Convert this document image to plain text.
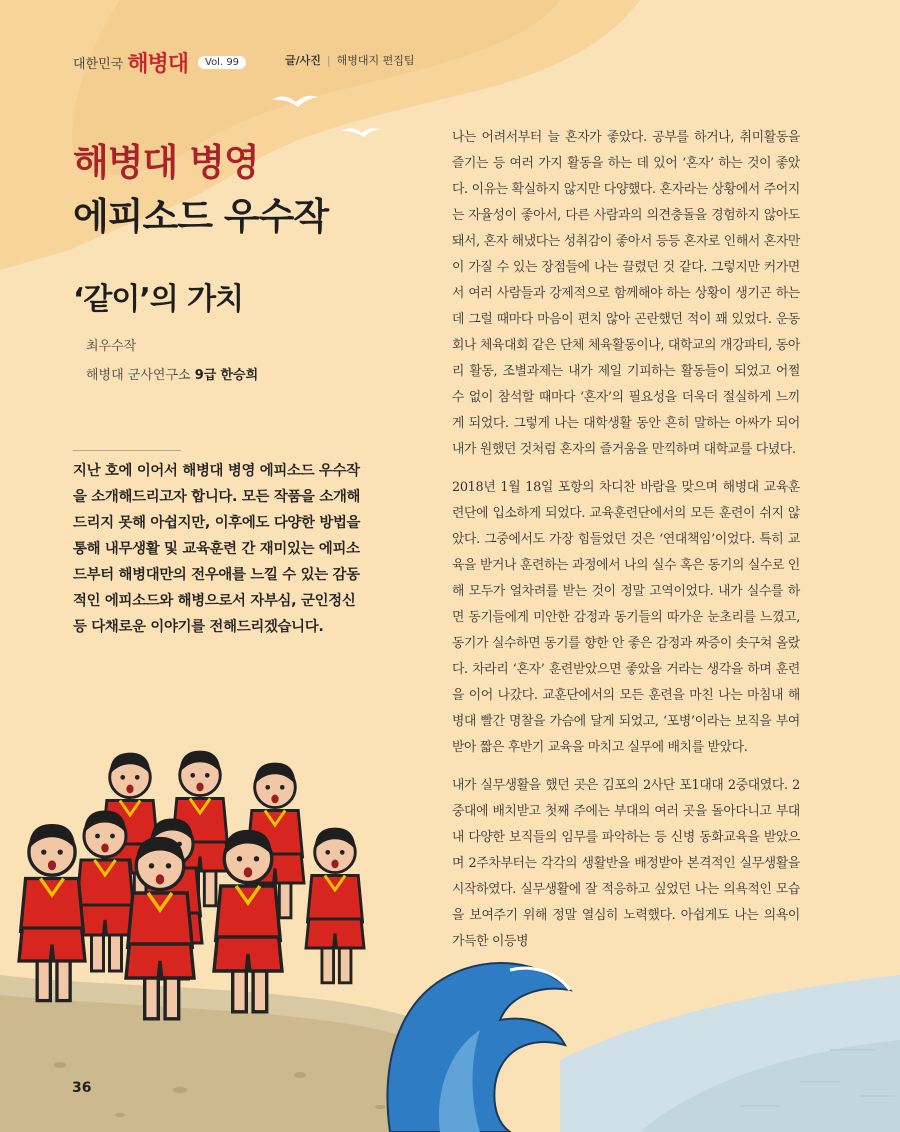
대한민국 해병대	Vol. 99	글/사진 | 해병대지 편집팀
해병대 병영
에피소드 우수작
‘같이’의 가치
최우수작
해병대 군사연구소 9급 한승희
지난 호에 이어서 해병대 병영 에피소드 우수작을 소개해드리고자 합니다. 모든 작품을 소개해드리지 못해 아쉽지만, 이후에도 다양한 방법을 통해 내무생활 및 교육훈련 간 재미있는 에피소드부터 해병대만의 전우애를 느낄 수 있는 감동적인 에피소드와 해병으로서 자부심, 군인정신 등 다채로운 이야기를 전해드리겠습니다.

나는 어려서부터 늘 혼자가 좋았다. 공부를 하거나, 취미활동을 즐기는 등 여러 가지 활동을 하는 데 있어 ‘혼자’ 하는 것이 좋았다. 이유는 확실하지 않지만 다양했다. 혼자라는 상황에서 주어지는 자율성이 좋아서, 다른 사람과의 의견충돌을 경험하지 않아도 돼서, 혼자 해냈다는 성취감이 좋아서 등등 혼자로 인해서 혼자만이 가질 수 있는 장점들에 나는 끌렸던 것 같다. 그렇지만 커가면서 여러 사람들과 강제적으로 함께해야 하는 상황이 생기곤 하는데 그럴 때마다 마음이 편치 않아 곤란했던 적이 꽤 있었다. 운동회나 체육대회 같은 단체 체육활동이나, 대학교의 개강파티, 동아리 활동, 조별과제는 내가 제일 기피하는 활동들이 되었고 어쩔 수 없이 참석할 때마다 ‘혼자’의 필요성을 더욱더 절실하게 느끼게 되었다. 그렇게 나는 대학생활 동안 흔히 말하는 아싸가 되어 내가 원했던 것처럼 혼자의 즐거움을 만끽하며 대학교를 다녔다.

2018년 1월 18일 포항의 차디찬 바람을 맞으며 해병대 교육훈련단에 입소하게 되었다. 교육훈련단에서의 모든 훈련이 쉬지 않았다. 그중에서도 가장 힘들었던 것은 ‘연대책임’이었다. 특히 교육을 받거나 훈련하는 과정에서 나의 실수 혹은 동기의 실수로 인해 모두가 얼차려를 받는 것이 정말 고역이었다. 내가 실수를 하면 동기들에게 미안한 감정과 동기들의 따가운 눈초리를 느꼈고, 동기가 실수하면 동기를 향한 안 좋은 감정과 짜증이 솟구쳐 올랐다. 차라리 ‘혼자’ 훈련받았으면 좋았을 거라는 생각을 하며 훈련을 이어 나갔다. 교훈단에서의 모든 훈련을 마친 나는 마침내 해병대 빨간 명찰을 가슴에 달게 되었고, ‘포병’이라는 보직을 부여받아 짧은 후반기 교육을 마치고 실무에 배치를 받았다.

내가 실무생활을 했던 곳은 김포의 2사단 포1대대 2중대였다. 2중대에 배치받고 첫째 주에는 부대의 여러 곳을 돌아다니고 부대 내 다양한 보직들의 임무를 파악하는 등 신병 동화교육을 받았으며 2주차부터는 각각의 생활반을 배정받아 본격적인 실무생활을 시작하였다. 실무생활에 잘 적응하고 싶었던 나는 의욕적인 모습을 보여주기 위해 정말 열심히 노력했다. 아쉽게도 나는 의욕이 가득한 이등병

36
